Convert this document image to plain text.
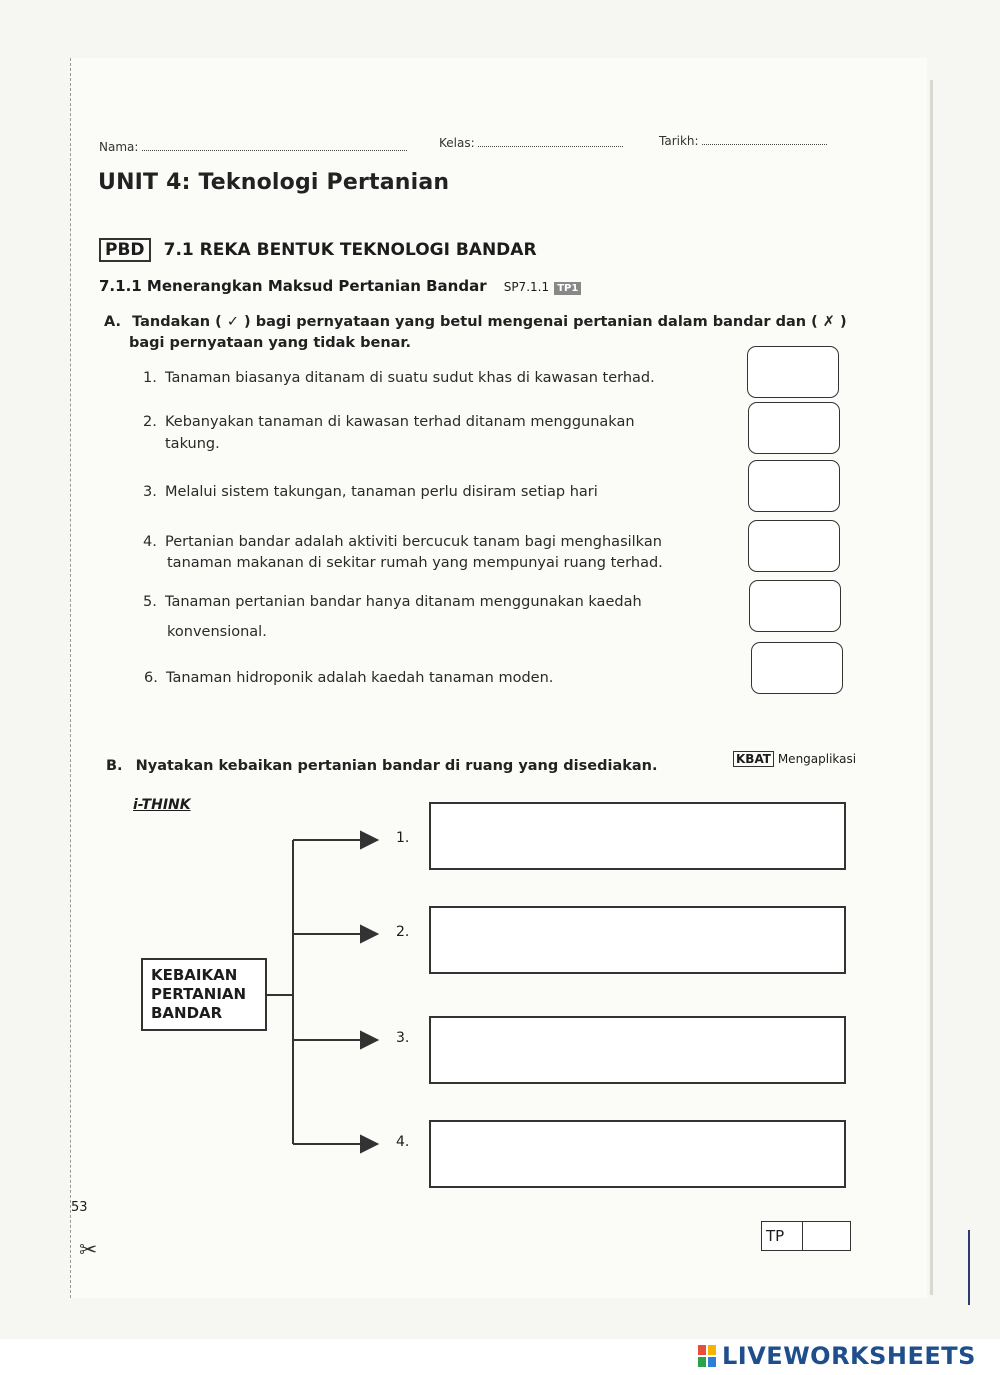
Nama:	Kelas:	Tarikh:
UNIT 4: Teknologi Pertanian
PBD 7.1 REKA BENTUK TEKNOLOGI BANDAR
7.1.1 Menerangkan Maksud Pertanian Bandar SP7.1.1 TP1
A. Tandakan ( ✓ ) bagi pernyataan yang betul mengenai pertanian dalam bandar dan ( ✗ )
bagi pernyataan yang tidak benar.
1. Tanaman biasanya ditanam di suatu sudut khas di kawasan terhad.
2. Kebanyakan tanaman di kawasan terhad ditanam menggunakan
takung.
3. Melalui sistem takungan, tanaman perlu disiram setiap hari
4. Pertanian bandar adalah aktiviti bercucuk tanam bagi menghasilkan
tanaman makanan di sekitar rumah yang mempunyai ruang terhad.
5. Tanaman pertanian bandar hanya ditanam menggunakan kaedah
konvensional.
6. Tanaman hidroponik adalah kaedah tanaman moden.
B. Nyatakan kebaikan pertanian bandar di ruang yang disediakan.	KBAT Mengaplikasi
i-THINK
KEBAIKAN
PERTANIAN
BANDAR
1.
2.
3.
4.
53
✂
TP
LIVEWORKSHEETS
